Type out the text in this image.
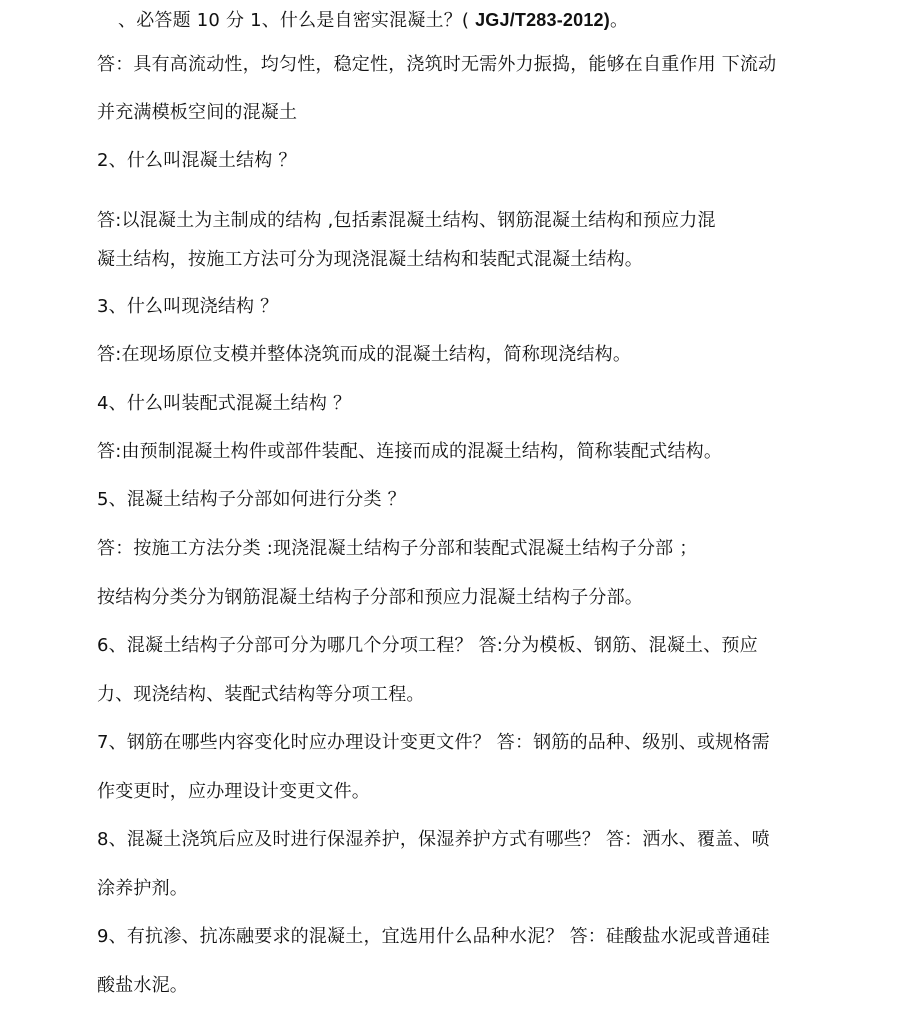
、必答题 10 分 1、什么是自密实混凝土？( JGJ/T283-2012)。
答：具有高流动性，均匀性，稳定性，浇筑时无需外力振捣，能够在自重作用 下流动
并充满模板空间的混凝土
2、什么叫混凝土结构 ？
答:以混凝土为主制成的结构 ,包括素混凝土结构、钢筋混凝土结构和预应力混
凝土结构，按施工方法可分为现浇混凝土结构和装配式混凝土结构。
3、什么叫现浇结构 ？
答:在现场原位支模并整体浇筑而成的混凝土结构，简称现浇结构。
4、什么叫装配式混凝土结构 ？
答:由预制混凝土构件或部件装配、连接而成的混凝土结构，简称装配式结构。
5、混凝土结构子分部如何进行分类 ？
答：按施工方法分类 :现浇混凝土结构子分部和装配式混凝土结构子分部 ；
按结构分类分为钢筋混凝土结构子分部和预应力混凝土结构子分部。
6、混凝土结构子分部可分为哪几个分项工程？ 答:分为模板、钢筋、混凝土、预应
力、现浇结构、装配式结构等分项工程。
7、钢筋在哪些内容变化时应办理设计变更文件？ 答：钢筋的品种、级别、或规格需
作变更时，应办理设计变更文件。
8、混凝土浇筑后应及时进行保湿养护，保湿养护方式有哪些？ 答：洒水、覆盖、喷
涂养护剂。
9、有抗渗、抗冻融要求的混凝土，宜选用什么品种水泥？ 答：硅酸盐水泥或普通硅
酸盐水泥。
